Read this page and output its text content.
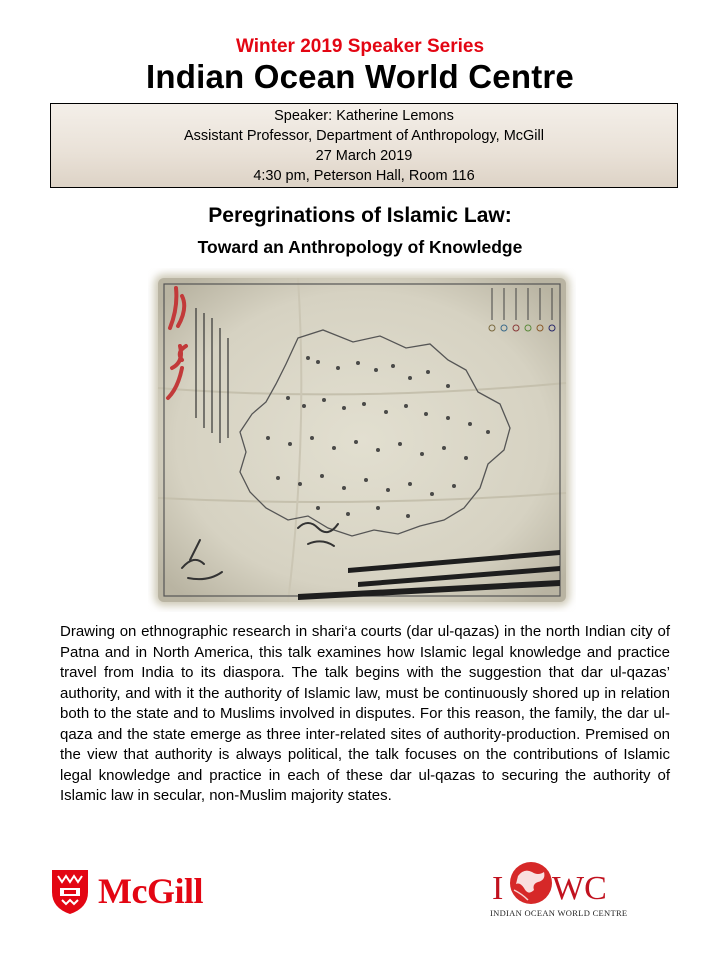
Winter 2019 Speaker Series
Indian Ocean World Centre
Speaker: Katherine Lemons
Assistant Professor, Department of Anthropology, McGill
27 March 2019
4:30 pm, Peterson Hall, Room 116
Peregrinations of Islamic Law:
Toward an Anthropology of Knowledge

Drawing on ethnographic research in shari‘a courts (dar ul-qazas) in the north Indian city of Patna and in North America, this talk examines how Islamic legal knowledge and practice travel from India to its diaspora. The talk begins with the suggestion that dar ul-qazas’ authority, and with it the authority of Islamic law, must be continuously shored up in relation both to the state and to Muslims involved in disputes. For this reason, the family, the dar ul-qaza and the state emerge as three inter-related sites of authority-production. Premised on the view that authority is always political, the talk focuses on the contributions of Islamic legal knowledge and practice in each of these dar ul-qazas to securing the authority of Islamic law in secular, non-Muslim majority states.

McGill	I WC
INDIAN OCEAN WORLD CENTRE
